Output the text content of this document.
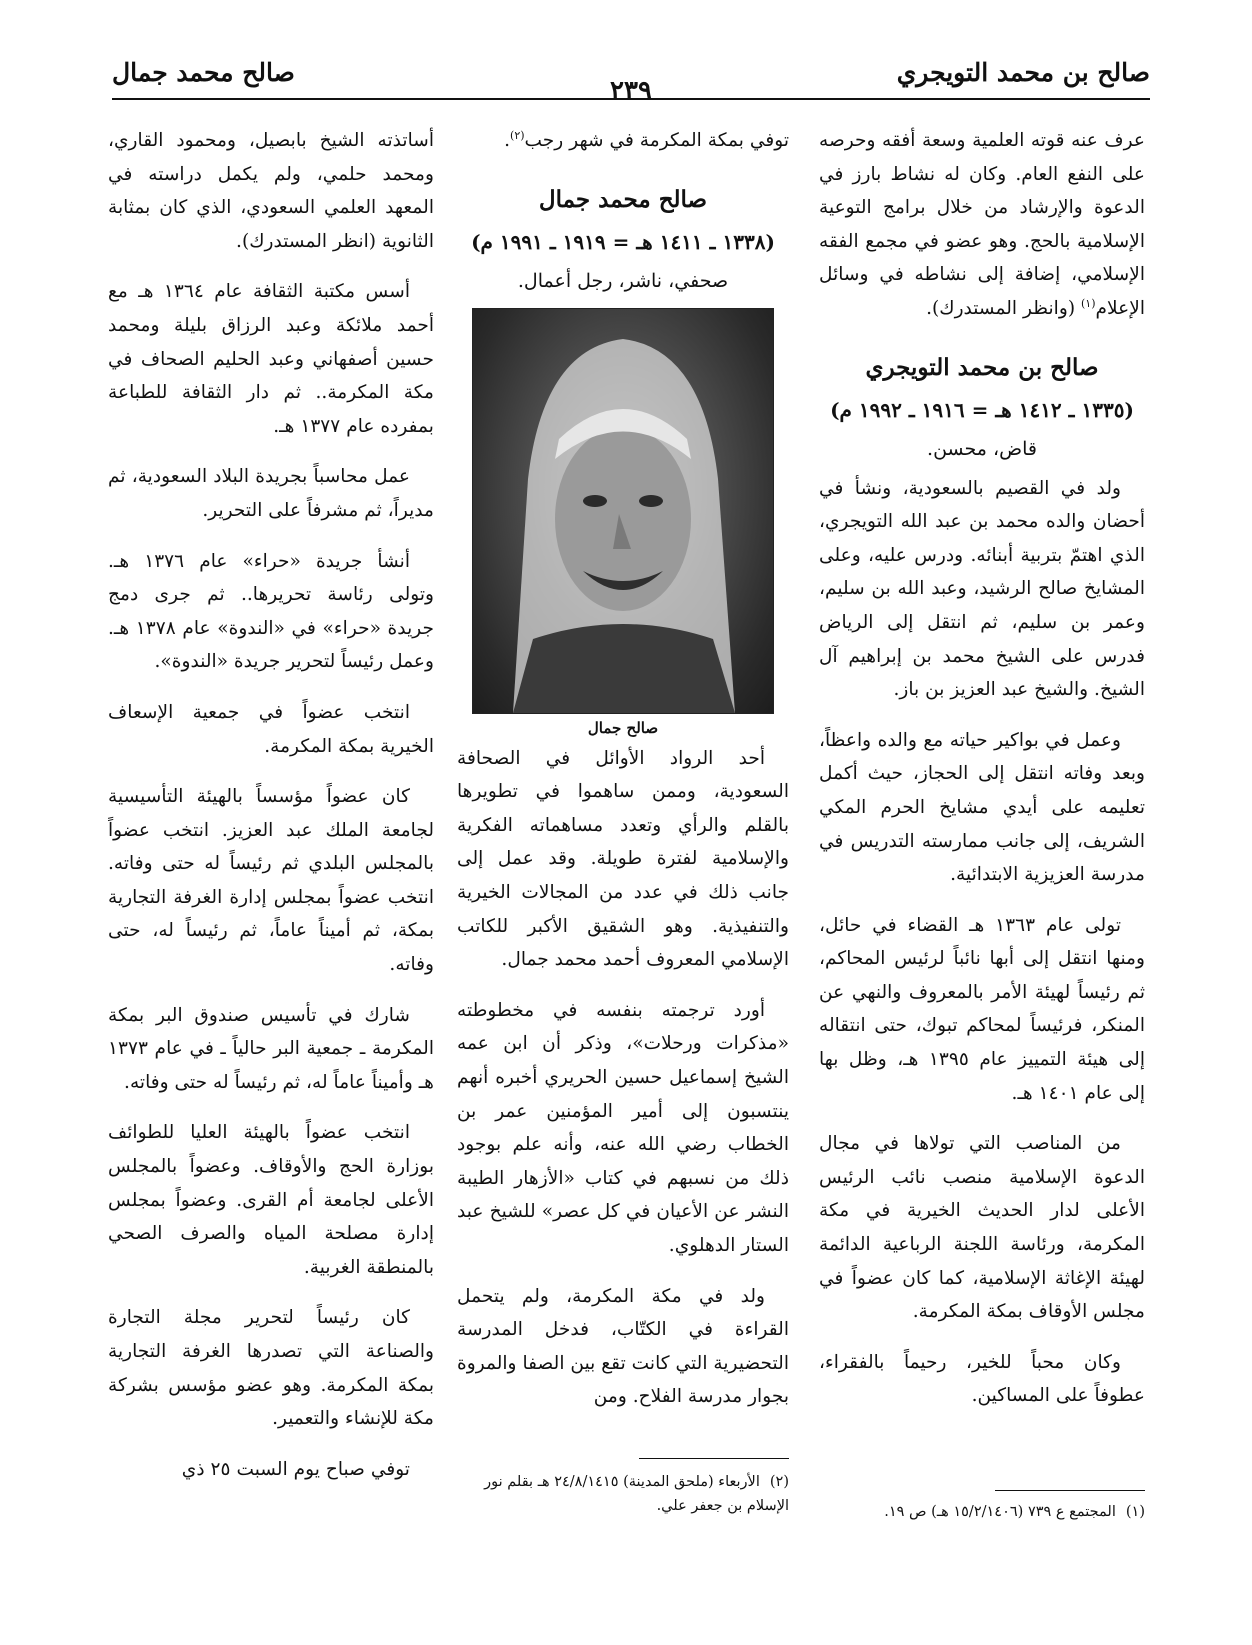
صالح بن محمد التويجري
٢٣٩
صالح محمد جمال

عرف عنه قوته العلمية وسعة أفقه وحرصه على النفع العام. وكان له نشاط بارز في الدعوة والإرشاد من خلال برامج التوعية الإسلامية بالحج. وهو عضو في مجمع الفقه الإسلامي، إضافة إلى نشاطه في وسائل الإعلام$^{(١)}$ (وانظر المستدرك).

صالح بن محمد التويجري
(١٣٣٥ ـ ١٤١٢ هـ = ١٩١٦ ـ ١٩٩٢ م)
قاض، محسن.

ولد في القصيم بالسعودية، ونشأ في أحضان والده محمد بن عبد الله التويجري، الذي اهتمّ بتربية أبنائه. ودرس عليه، وعلى المشايخ صالح الرشيد، وعبد الله بن سليم، وعمر بن سليم، ثم انتقل إلى الرياض فدرس على الشيخ محمد بن إبراهيم آل الشيخ. والشيخ عبد العزيز بن باز.

وعمل في بواكير حياته مع والده واعظاً، وبعد وفاته انتقل إلى الحجاز، حيث أكمل تعليمه على أيدي مشايخ الحرم المكي الشريف، إلى جانب ممارسته التدريس في مدرسة العزيزية الابتدائية.

تولى عام ١٣٦٣ هـ القضاء في حائل، ومنها انتقل إلى أبها نائباً لرئيس المحاكم، ثم رئيساً لهيئة الأمر بالمعروف والنهي عن المنكر، فرئيساً لمحاكم تبوك، حتى انتقاله إلى هيئة التمييز عام ١٣٩٥ هـ، وظل بها إلى عام ١٤٠١ هـ.

من المناصب التي تولاها في مجال الدعوة الإسلامية منصب نائب الرئيس الأعلى لدار الحديث الخيرية في مكة المكرمة، ورئاسة اللجنة الرباعية الدائمة لهيئة الإغاثة الإسلامية، كما كان عضواً في مجلس الأوقاف بمكة المكرمة.

وكان محباً للخير، رحيماً بالفقراء، عطوفاً على المساكين.

توفي بمكة المكرمة في شهر رجب$^{(٢)}$.

صالح محمد جمال
(١٣٣٨ ـ ١٤١١ هـ = ١٩١٩ ـ ١٩٩١ م)
صحفي، ناشر، رجل أعمال.
صالح جمال

أحد الرواد الأوائل في الصحافة السعودية، وممن ساهموا في تطويرها بالقلم والرأي وتعدد مساهماته الفكرية والإسلامية لفترة طويلة. وقد عمل إلى جانب ذلك في عدد من المجالات الخيرية والتنفيذية. وهو الشقيق الأكبر للكاتب الإسلامي المعروف أحمد محمد جمال.

أورد ترجمته بنفسه في مخطوطته «مذكرات ورحلات»، وذكر أن ابن عمه الشيخ إسماعيل حسين الحريري أخبره أنهم ينتسبون إلى أمير المؤمنين عمر بن الخطاب رضي الله عنه، وأنه علم بوجود ذلك من نسبهم في كتاب «الأزهار الطيبة النشر عن الأعيان في كل عصر» للشيخ عبد الستار الدهلوي.

ولد في مكة المكرمة، ولم يتحمل القراءة في الكتّاب، فدخل المدرسة التحضيرية التي كانت تقع بين الصفا والمروة بجوار مدرسة الفلاح. ومن

أساتذته الشيخ بابصيل، ومحمود القاري، ومحمد حلمي، ولم يكمل دراسته في المعهد العلمي السعودي، الذي كان بمثابة الثانوية (انظر المستدرك).

أسس مكتبة الثقافة عام ١٣٦٤ هـ مع أحمد ملائكة وعبد الرزاق بليلة ومحمد حسين أصفهاني وعبد الحليم الصحاف في مكة المكرمة.. ثم دار الثقافة للطباعة بمفرده عام ١٣٧٧ هـ.

عمل محاسباً بجريدة البلاد السعودية، ثم مديراً، ثم مشرفاً على التحرير.

أنشأ جريدة «حراء» عام ١٣٧٦ هـ. وتولى رئاسة تحريرها.. ثم جرى دمج جريدة «حراء» في «الندوة» عام ١٣٧٨ هـ. وعمل رئيساً لتحرير جريدة «الندوة».

انتخب عضواً في جمعية الإسعاف الخيرية بمكة المكرمة.

كان عضواً مؤسساً بالهيئة التأسيسية لجامعة الملك عبد العزيز. انتخب عضواً بالمجلس البلدي ثم رئيساً له حتى وفاته. انتخب عضواً بمجلس إدارة الغرفة التجارية بمكة، ثم أميناً عاماً، ثم رئيساً له، حتى وفاته.

شارك في تأسيس صندوق البر بمكة المكرمة ـ جمعية البر حالياً ـ في عام ١٣٧٣ هـ وأميناً عاماً له، ثم رئيساً له حتى وفاته.

انتخب عضواً بالهيئة العليا للطوائف بوزارة الحج والأوقاف. وعضواً بالمجلس الأعلى لجامعة أم القرى. وعضواً بمجلس إدارة مصلحة المياه والصرف الصحي بالمنطقة الغربية.

كان رئيساً لتحرير مجلة التجارة والصناعة التي تصدرها الغرفة التجارية بمكة المكرمة. وهو عضو مؤسس بشركة مكة للإنشاء والتعمير.

توفي صباح يوم السبت ٢٥ ذي

(١)المجتمع ع ٧٣٩ (١٥/٢/١٤٠٦ هـ) ص ١٩.
(٢)الأربعاء (ملحق المدينة) ٢٤/٨/١٤١٥ هـ بقلم نور الإسلام بن جعفر علي.
